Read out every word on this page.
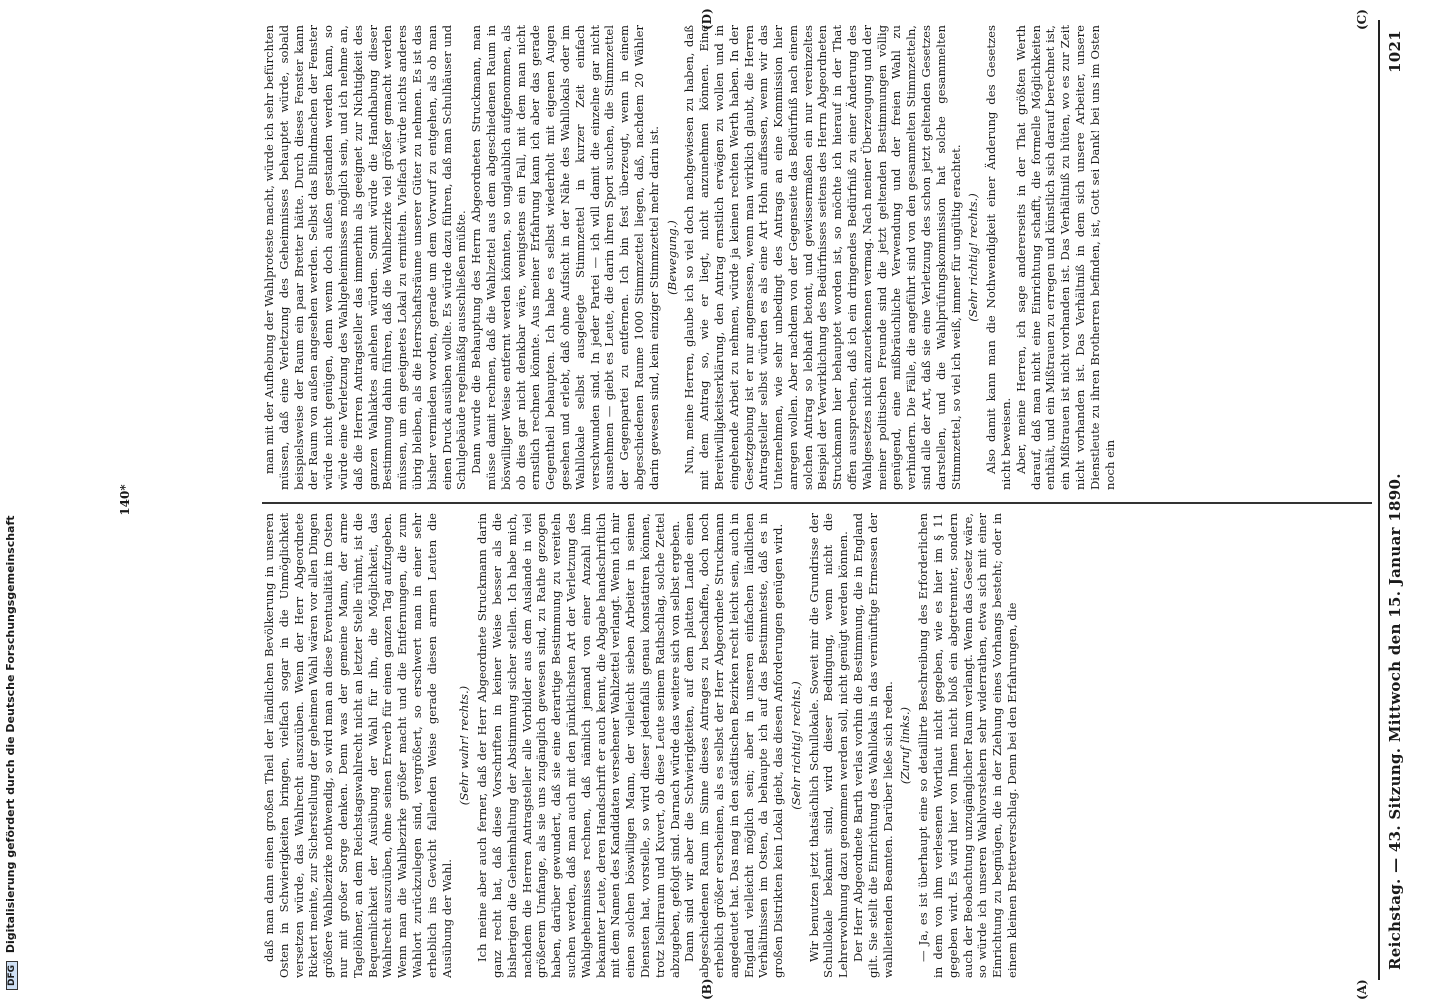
Reichstag. — 43. Sitzung. Mittwoch den 15. Januar 1890.
1021
(A)
(B)
(C)
(D)

daß man dann einen großen Theil der ländlichen Bevölkerung in unseren Osten in Schwierigkeiten bringen, vielfach sogar in die Unmöglichkeit versetzen würde, das Wahlrecht auszuüben. Wenn der Herr Abgeordnete Rickert meinte, zur Sicherstellung der geheimen Wahl wären vor allen Dingen größere Wahlbezirke nothwendig, so wird man an diese Eventualität im Osten nur mit großer Sorge denken. Denn was der gemeine Mann, der arme Tagelöhner, an dem Reichstagswahlrecht nicht an letzter Stelle rühmt, ist die Bequemlichkeit der Ausübung der Wahl für ihn, die Möglichkeit, das Wahlrecht auszuüben, ohne seinen Erwerb für einen ganzen Tag aufzugeben. Wenn man die Wahlbezirke größer macht und die Entfernungen, die zum Wahlort zurückzulegen sind, vergrößert, so erschwert man in einer sehr erheblich ins Gewicht fallenden Weise gerade diesen armen Leuten die Ausübung der Wahl.

(Sehr wahr! rechts.) Ich meine aber auch ferner, daß der Herr Abgeordnete Struckmann darin ganz recht hat, daß diese Vorschriften in keiner Weise besser als die bisherigen die Geheimhaltung der Abstimmung sicher stellen. Ich habe mich, nachdem die Herren Antragsteller alle Vorbilder aus dem Auslande in viel größerem Umfange, als sie uns zugänglich gewesen sind, zu Rathe gezogen haben, darüber gewundert, daß sie eine derartige Bestimmung zu vereiteln suchen werden, daß man auch mit den pünktlichsten Art der Verletzung des Wahlgeheimnisses rechnen, daß nämlich jemand von einer Anzahl ihm bekannter Leute, deren Handschrift er auch kennt, die Abgabe handschriftlich mit dem Namen des Kandidaten versehener Wahlzettel verlangt. Wenn ich mir einen solchen böswilligen Mann, der vielleicht sieben Arbeiter in seinen Diensten hat, vorstelle, so wird dieser jedenfalls genau konstatiren können, trotz Isolirraum und Kuvert, ob diese Leute seinem Rathschlag, solche Zettel abzugeben, gefolgt sind. Darnach würde das weitere sich von selbst ergeben. Dann sind wir aber die Schwierigkeiten, auf dem platten Lande einen abgeschiedenen Raum im Sinne dieses Antrages zu beschaffen, doch noch erheblich größer erscheinen, als es selbst der Herr Abgeordnete Struckmann angedeutet hat. Das mag in den städtischen Bezirken recht leicht sein, auch in England vielleicht möglich sein; aber in unseren einfachen ländlichen Verhältnissen im Osten, da behaupte ich auf das Bestimmteste, daß es in großen Distrikten kein Lokal giebt, das diesen Anforderungen genügen wird. (Sehr richtig! rechts.) Wir benutzen jetzt thatsächlich Schullokale. Soweit mir die Grundrisse der Schullokale bekannt sind, wird dieser Bedingung, wenn nicht die Lehrerwohnung dazu genommen werden soll, nicht genügt werden können. Der Herr Abgeordnete Barth verlas vorhin die Bestimmung, die in England gilt. Sie stellt die Einrichtung des Wahllokals in das vernünftige Ermessen der wahlleitenden Beamten. Darüber ließe sich reden. (Zuruf links.) — Ja, es ist überhaupt eine so detaillirte Beschreibung des Erforderlichen in dem von ihm verlesenen Wortlaut nicht gegeben, wie es hier im § 11 gegeben wird. Es wird hier von Ihnen nicht bloß ein abgetrennter, sondern auch der Beobachtung unzugänglicher Raum verlangt. Wenn das Gesetz wäre, so würde ich unseren Wahlvorstehern sehr widerrathen, etwa sich mit einer Einrichtung zu begnügen, die in der Ziehung eines Vorhangs besteht; oder in einem kleinen Bretterverschlag. Denn bei den Erfahrungen, die

man mit der Aufhebung der Wahlproteste macht, würde ich sehr befürchten müssen, daß eine Verletzung des Geheimnisses behauptet würde, sobald beispielsweise der Raum ein paar Bretter hätte. Durch dieses Fenster kann der Raum von außen angesehen werden. Selbst das Blindmachen der Fenster würde nicht genügen, denn wenn doch außen gestanden werden kann, so würde eine Verletzung des Wahlgeheimnisses möglich sein, und ich nehme an, daß die Herren Antragsteller das immerhin als geeignet zur Nichtigkeit des ganzen Wahlaktes anlehen würden. Somit würde die Handhabung dieser Bestimmung dahin führen, daß die Wahlbezirke viel größer gemacht werden müssen, um ein geeignetes Lokal zu ermitteln. Vielfach würde nichts anderes übrig bleiben, als die Herrschaftsräume unserer Güter zu nehmen. Es ist das bisher vermieden worden, gerade um dem Vorwurf zu entgehen, als ob man einen Druck ausüben wollte. Es würde dazu führen, daß man Schulhäuser und Schulgebäude regelmäßig ausschließen müßte. Dann wurde die Behauptung des Herrn Abgeordneten Struckmann, man müsse damit rechnen, daß die Wahlzettel aus dem abgeschiedenen Raum in böswilliger Weise entfernt werden könnten, so unglaublich aufgenommen, als ob dies gar nicht denkbar wäre, wenigstens ein Fall, mit dem man nicht ernstlich rechnen könnte. Aus meiner Erfahrung kann ich aber das gerade Gegentheil behaupten. Ich habe es selbst wiederholt mit eigenen Augen gesehen und erlebt, daß ohne Aufsicht in der Nähe des Wahllokals oder im Wahllokale selbst ausgelegte Stimmzettel in kurzer Zeit einfach verschwunden sind. In jeder Partei — ich will damit die einzelne gar nicht ausnehmen — giebt es Leute, die darin ihren Sport suchen, die Stimmzettel der Gegenpartei zu entfernen. Ich bin fest überzeugt, wenn in einem abgeschiedenen Raume 1000 Stimmzettel liegen, daß, nachdem 20 Wähler darin gewesen sind, kein einziger Stimmzettel mehr darin ist. (Bewegung.) Nun, meine Herren, glaube ich so viel doch nachgewiesen zu haben, daß mit dem Antrag so, wie er liegt, nicht anzunehmen können. Eine Bereitwilligkeitserklärung, den Antrag ernstlich erwägen zu wollen und in eingehende Arbeit zu nehmen, würde ja keinen rechten Werth haben. In der Gesetzgebung ist er nur angemessen, wenn man wirklich glaubt, die Herren Antragsteller selbst würden es als eine Art Hohn auffassen, wenn wir das Unternehmen, wie sehr unbedingt des Antrags an eine Kommission hier anregen wollen. Aber nachdem von der Gegenseite das Bedürfniß nach einem solchen Antrag so lebhaft betont, und gewissermaßen ein nur vereinzeltes Beispiel der Verwirklichung des Bedürfnisses seitens des Herrn Abgeordneten Struckmann hier behauptet worden ist, so möchte ich hierauf in der That offen aussprechen, daß ich ein dringendes Bedürfniß zu einer Änderung des Wahlgesetzes nicht anzuerkennen vermag. Nach meiner Überzeugung und der meiner politischen Freunde sind die jetzt geltenden Bestimmungen völlig genügend, eine mißbräuchliche Verwendung und der freien Wahl zu verhindern. Die Fälle, die angeführt sind von den gesammelten Stimmzetteln, sind alle der Art, daß sie eine Verletzung des schon jetzt geltenden Gesetzes darstellen, und die Wahlprüfungskommission hat solche gesammelten Stimmzettel, so viel ich weiß, immer für ungültig erachtet. (Sehr richtig! rechts.) Also damit kann man die Nothwendigkeit einer Änderung des Gesetzes nicht beweisen. Aber, meine Herren, ich sage andererseits in der That größten Werth darauf, daß man nicht eine Einrichtung schafft, die formelle Möglichkeiten enthält, und ein Mißtrauen zu erregen und künstlich sich darauf berechnet ist, ein Mißtrauen ist nicht vorhanden ist. Das Verhältniß zu hüten, wo es zur Zeit nicht vorhanden ist. Das Verhältniß in dem sich unsere Arbeiter, unsere Dienstleute zu ihren Brotherren befinden, ist, Gott sei Dank! bei uns im Osten noch ein

140*
DFG Digitalisierung gefördert durch die Deutsche Forschungsgemeinschaft
